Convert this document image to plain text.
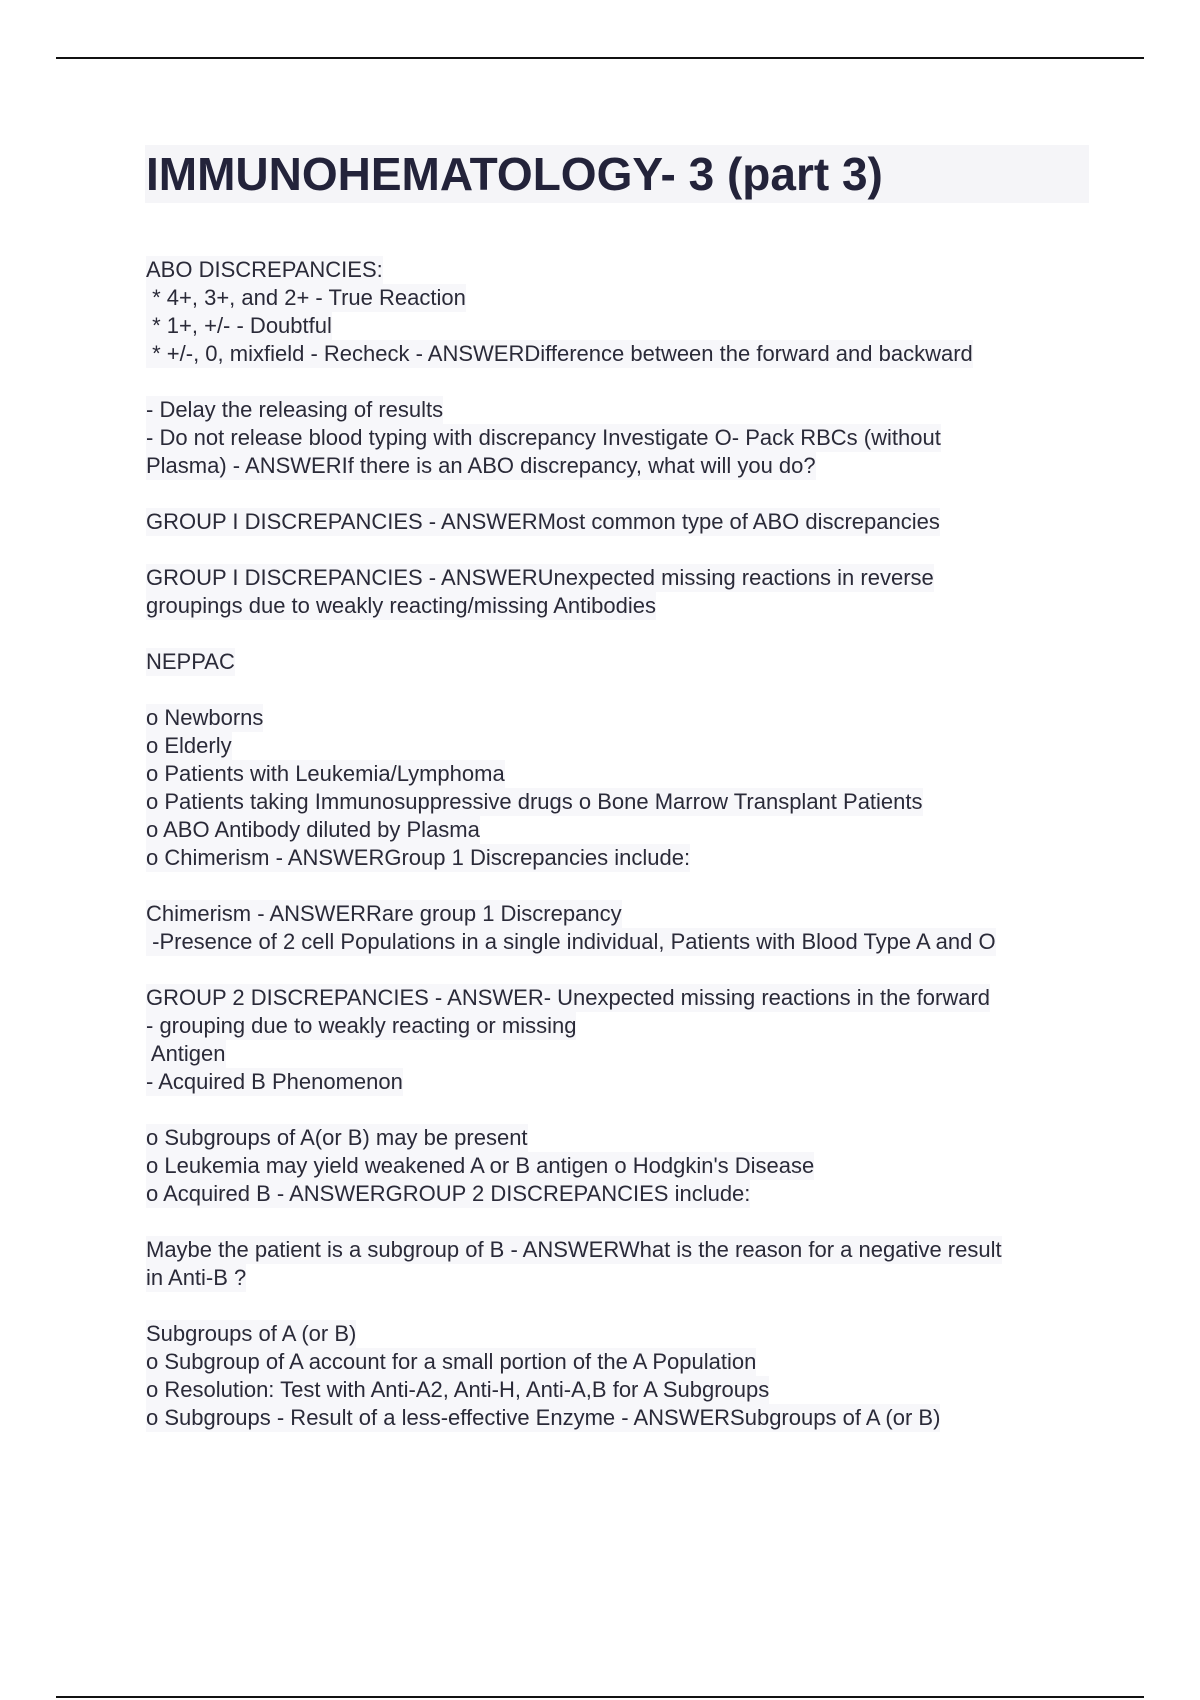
IMMUNOHEMATOLOGY- 3 (part 3)
ABO DISCREPANCIES:
* 4+, 3+, and 2+ - True Reaction
* 1+, +/- - Doubtful
* +/-, 0, mixfield - Recheck - ANSWERDifference between the forward and backward
- Delay the releasing of results
- Do not release blood typing with discrepancy Investigate O- Pack RBCs (without
Plasma) - ANSWERIf there is an ABO discrepancy, what will you do?
GROUP I DISCREPANCIES - ANSWERMost common type of ABO discrepancies
GROUP I DISCREPANCIES - ANSWERUnexpected missing reactions in reverse
groupings due to weakly reacting/missing Antibodies
NEPPAC
o Newborns
o Elderly
o Patients with Leukemia/Lymphoma
o Patients taking Immunosuppressive drugs o Bone Marrow Transplant Patients
o ABO Antibody diluted by Plasma
o Chimerism - ANSWERGroup 1 Discrepancies include:
Chimerism - ANSWERRare group 1 Discrepancy
-Presence of 2 cell Populations in a single individual, Patients with Blood Type A and O
GROUP 2 DISCREPANCIES - ANSWER- Unexpected missing reactions in the forward
- grouping due to weakly reacting or missing
Antigen
- Acquired B Phenomenon
o Subgroups of A(or B) may be present
o Leukemia may yield weakened A or B antigen o Hodgkin's Disease
o Acquired B - ANSWERGROUP 2 DISCREPANCIES include:
Maybe the patient is a subgroup of B - ANSWERWhat is the reason for a negative result
in Anti-B ?
Subgroups of A (or B)
o Subgroup of A account for a small portion of the A Population
o Resolution: Test with Anti-A2, Anti-H, Anti-A,B for A Subgroups
o Subgroups - Result of a less-effective Enzyme - ANSWERSubgroups of A (or B)
